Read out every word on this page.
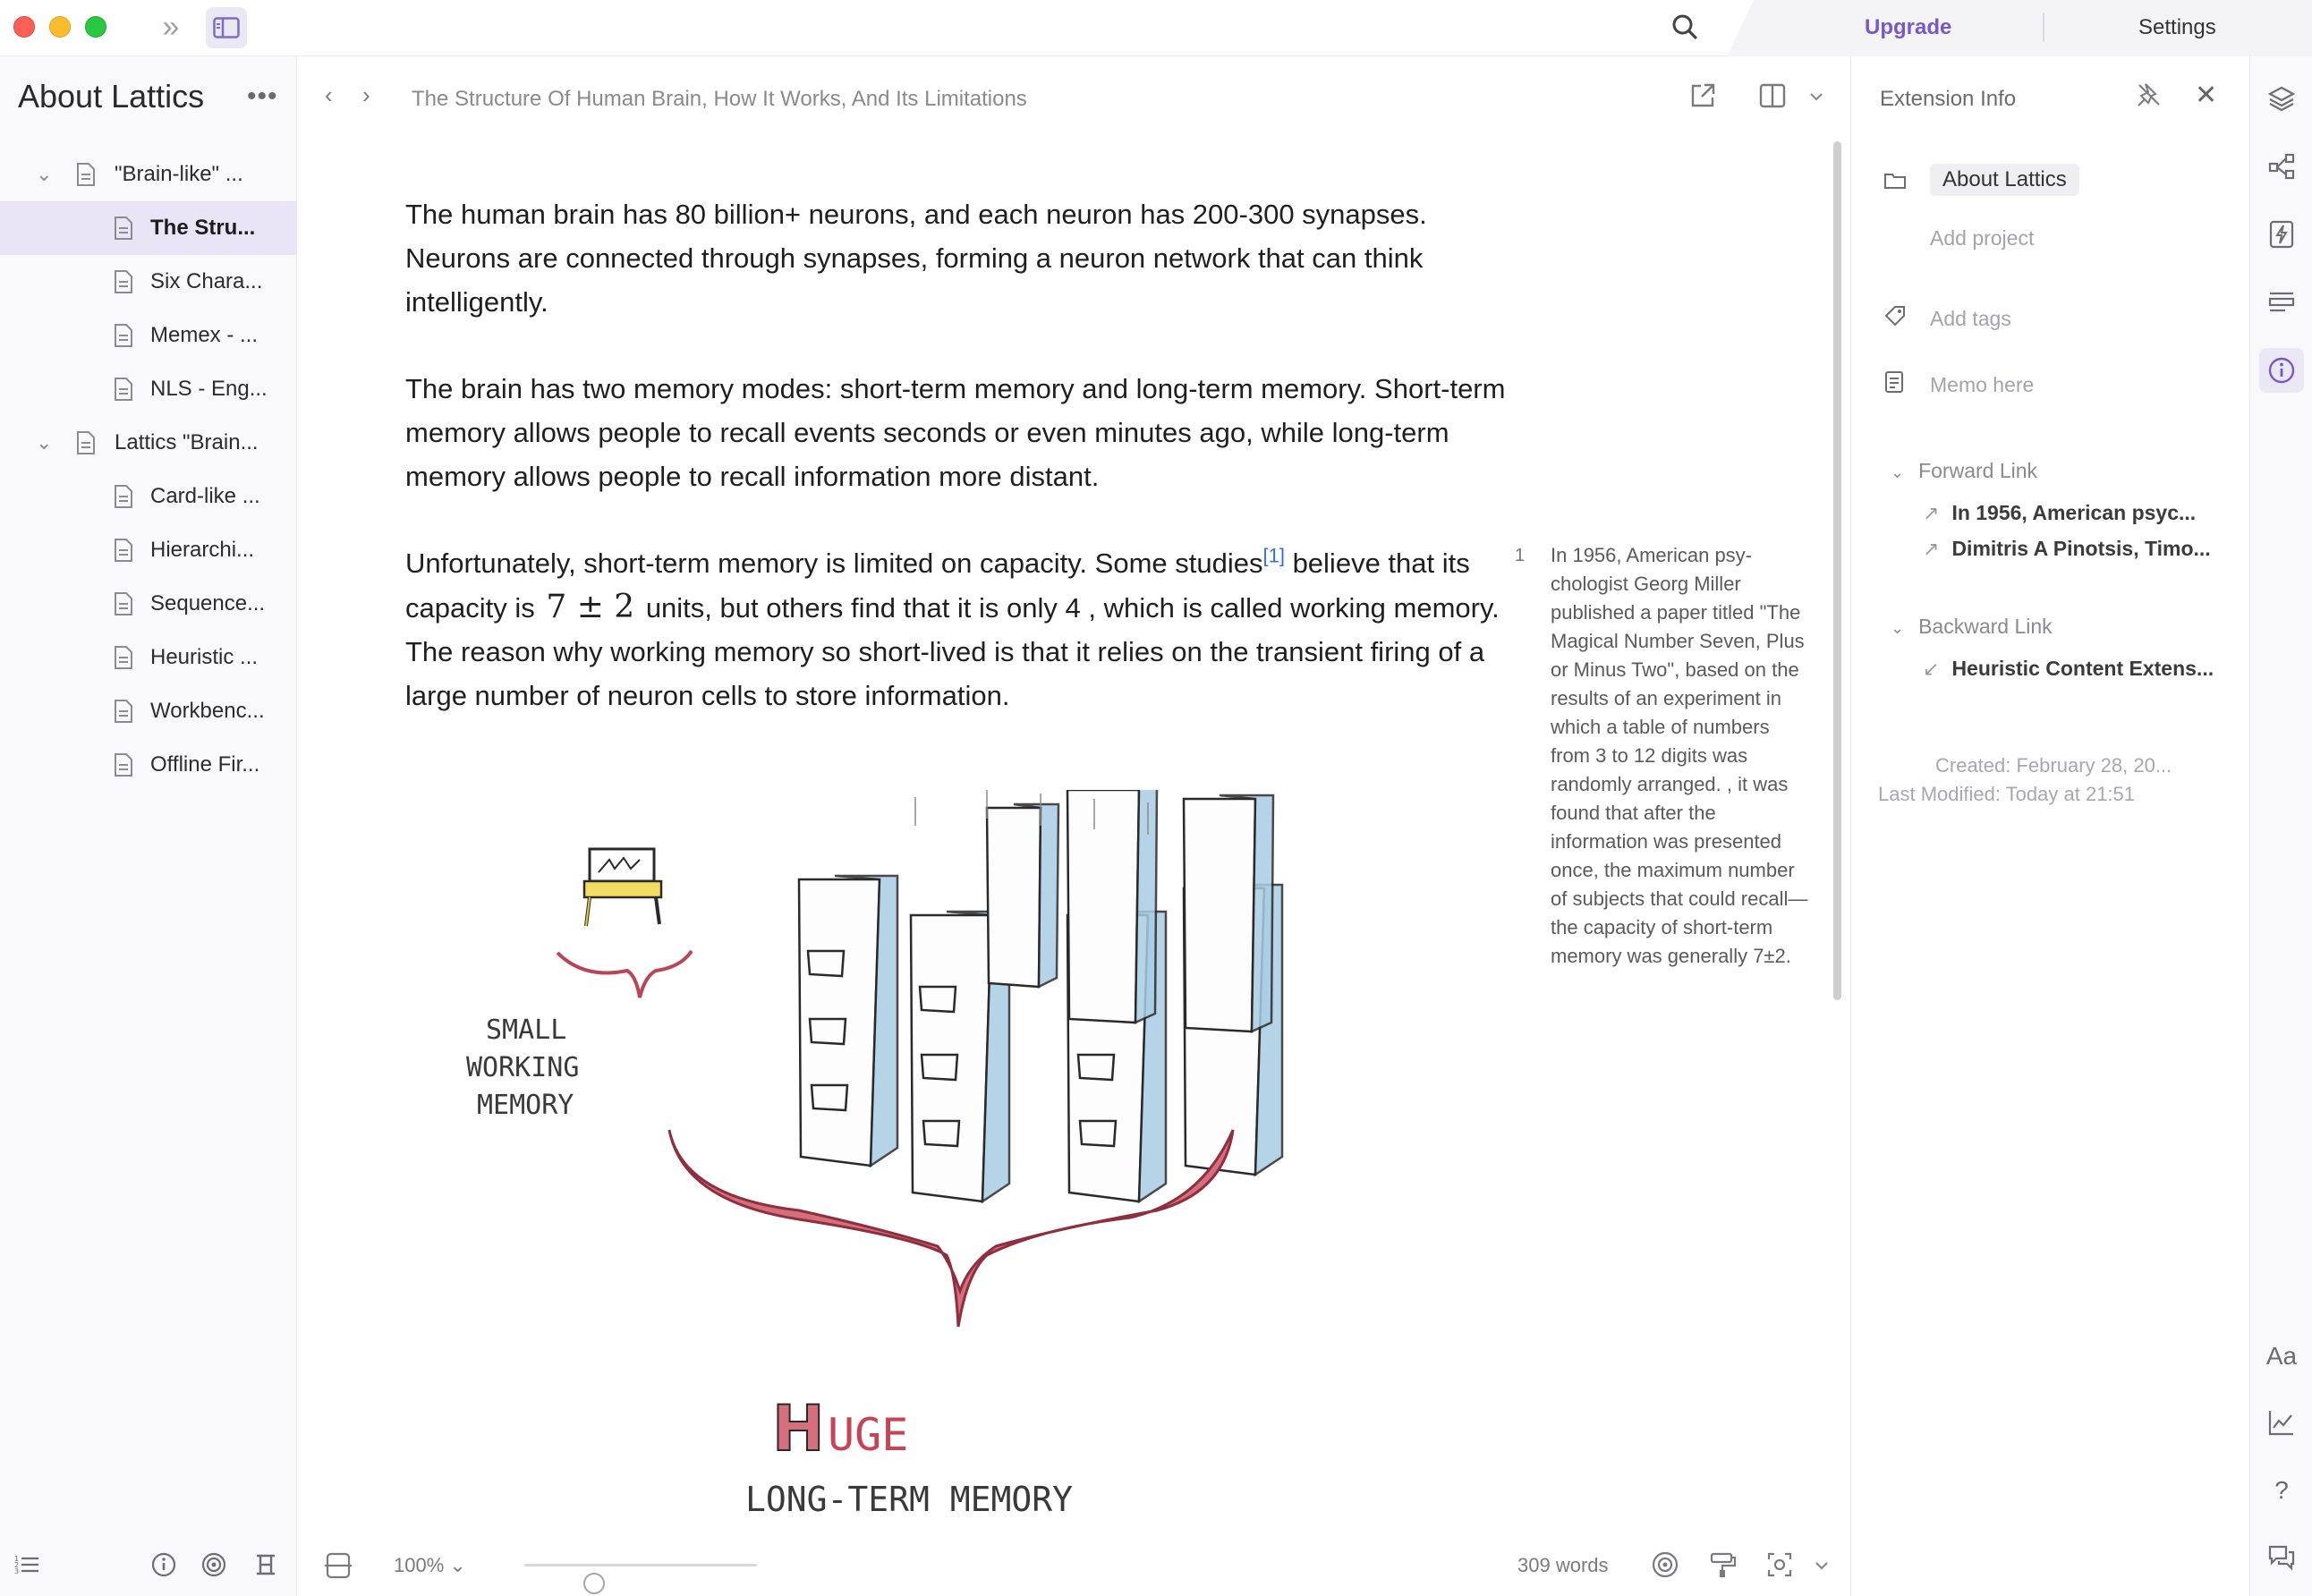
»	Upgrade	Settings
About Lattics •••
⌄	"Brain-like" ...
The Stru...
Six Chara...
Memex - ...
NLS - Eng...
⌄	Lattics "Brain...
Card-like ...
Hierarchi...
Sequence...
Heuristic ...
Workbenc...
Offline Fir...
1
2
3
‹ › The Structure Of Human Brain, How It Works, And Its Limitations

The human brain has 80 billion+ neurons, and each neuron has 200-300 synapses. Neurons are connected through synapses, forming a neuron network that can think intelligently.

The brain has two memory modes: short-term memory and long-term memory. Short-term memory allows people to recall events seconds or even minutes ago, while long-term memory allows people to recall information more distant.

Unfortunately, short-term memory is limited on capacity. Some studies[1] believe that its capacity is 7 ± 2 units, but others find that it is only 4 , which is called working memory. The reason why working memory so short-lived is that it relies on the transient firing of a large number of neuron cells to store information.

1 In 1956, American psychologist Georg Miller published a paper titled "The Magical Number Seven, Plus or Minus Two", based on the results of an experiment in which a table of numbers from 3 to 12 digits was randomly arranged. , it was found that after the information was presented once, the maximum number of subjects that could recall—the capacity of short-term memory was generally 7±2.
SMALL
WORKING
MEMORY
H UGE
LONG-TERM MEMORY
100% ⌄	309 words
Extension Info	✕
About Lattics
Add project
Add tags
Memo here
⌄ Forward Link
↗ In 1956, American psyc...
↗ Dimitris A Pinotsis, Timo...
⌄ Backward Link
↙ Heuristic Content Extens...
Created: February 28, 20...
Last Modified: Today at 21:51
Aa
?
